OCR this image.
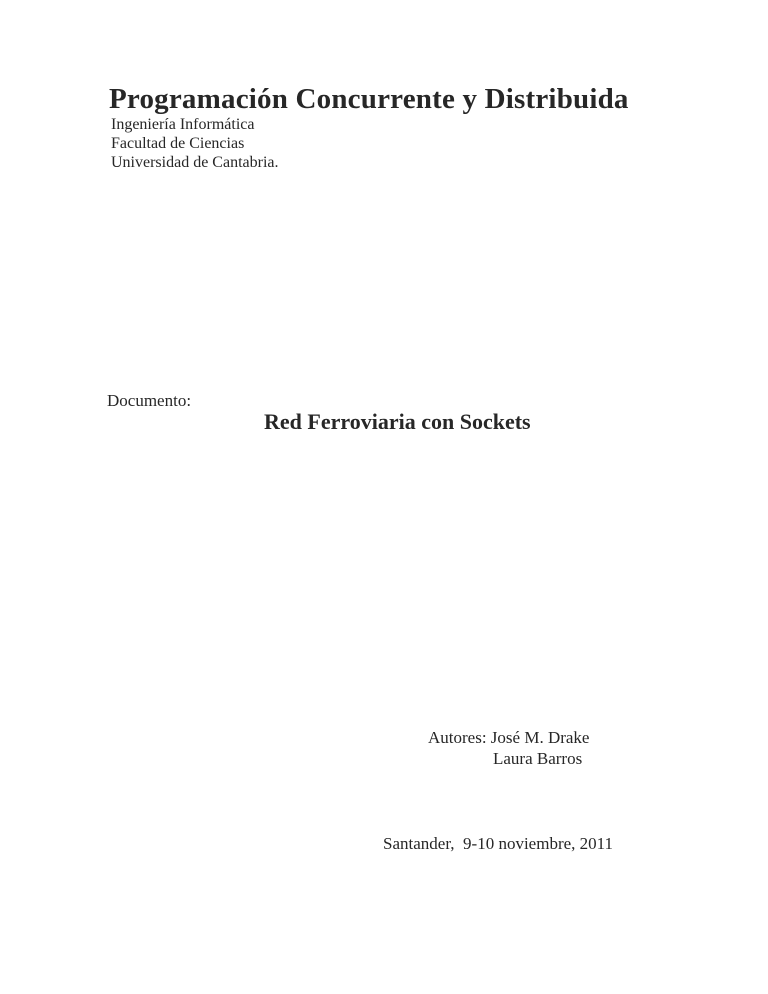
Programación Concurrente y Distribuida
Ingeniería Informática
Facultad de Ciencias
Universidad de Cantabria.
Documento:
Red Ferroviaria con Sockets
Autores: José M. Drake
Laura Barros
Santander,  9-10 noviembre, 2011
